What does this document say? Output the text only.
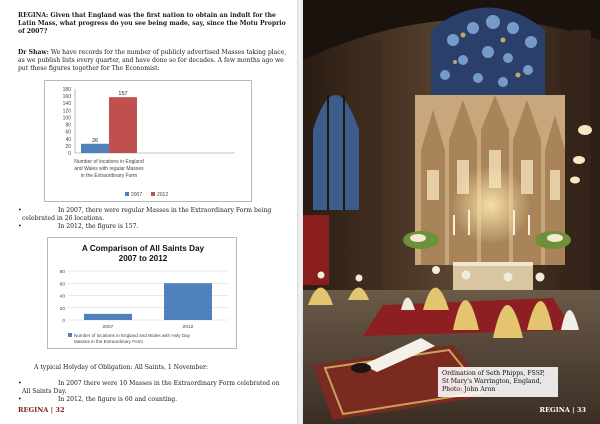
REGINA: Given that England was the first nation to obtain an indult for the Latin Mass, what progress do you see being made, say, since the Motu Proprio of 2007?

Dr Shaw: We have records for the number of publicly advertised Masses taking place, as we publish lists every quarter, and have done so for decades. A few months ago we put these figures together for The Economist:

180
160
140
120
100
80
60
40
20
0
26
157
Number of locations in England
and Wales with regular Masses
in the Extraordinary Form
2007	2012
•	In 2007, there were regular Masses in the Extraordinary Form being celebrated in 26 locations.
•	In 2012, the figure is 157.
A Comparison of All Saints Day
2007 to 2012
80
60
40
20
0
2007	2012
Number of locations in England and Wales with Holy Day
Masses in the Extraordinary Form

A typical Holyday of Obligation: All Saints, 1 November:

•	In 2007 there were 10 Masses in the Extraordinary Form celebrated on All Saints Day.
•	In 2012, the figure is 60 and counting.
REGINA | 32
Ordination of Seth Phipps, FSSP,
St Mary's Warrington, England,
Photo: John Aron
REGINA | 33
